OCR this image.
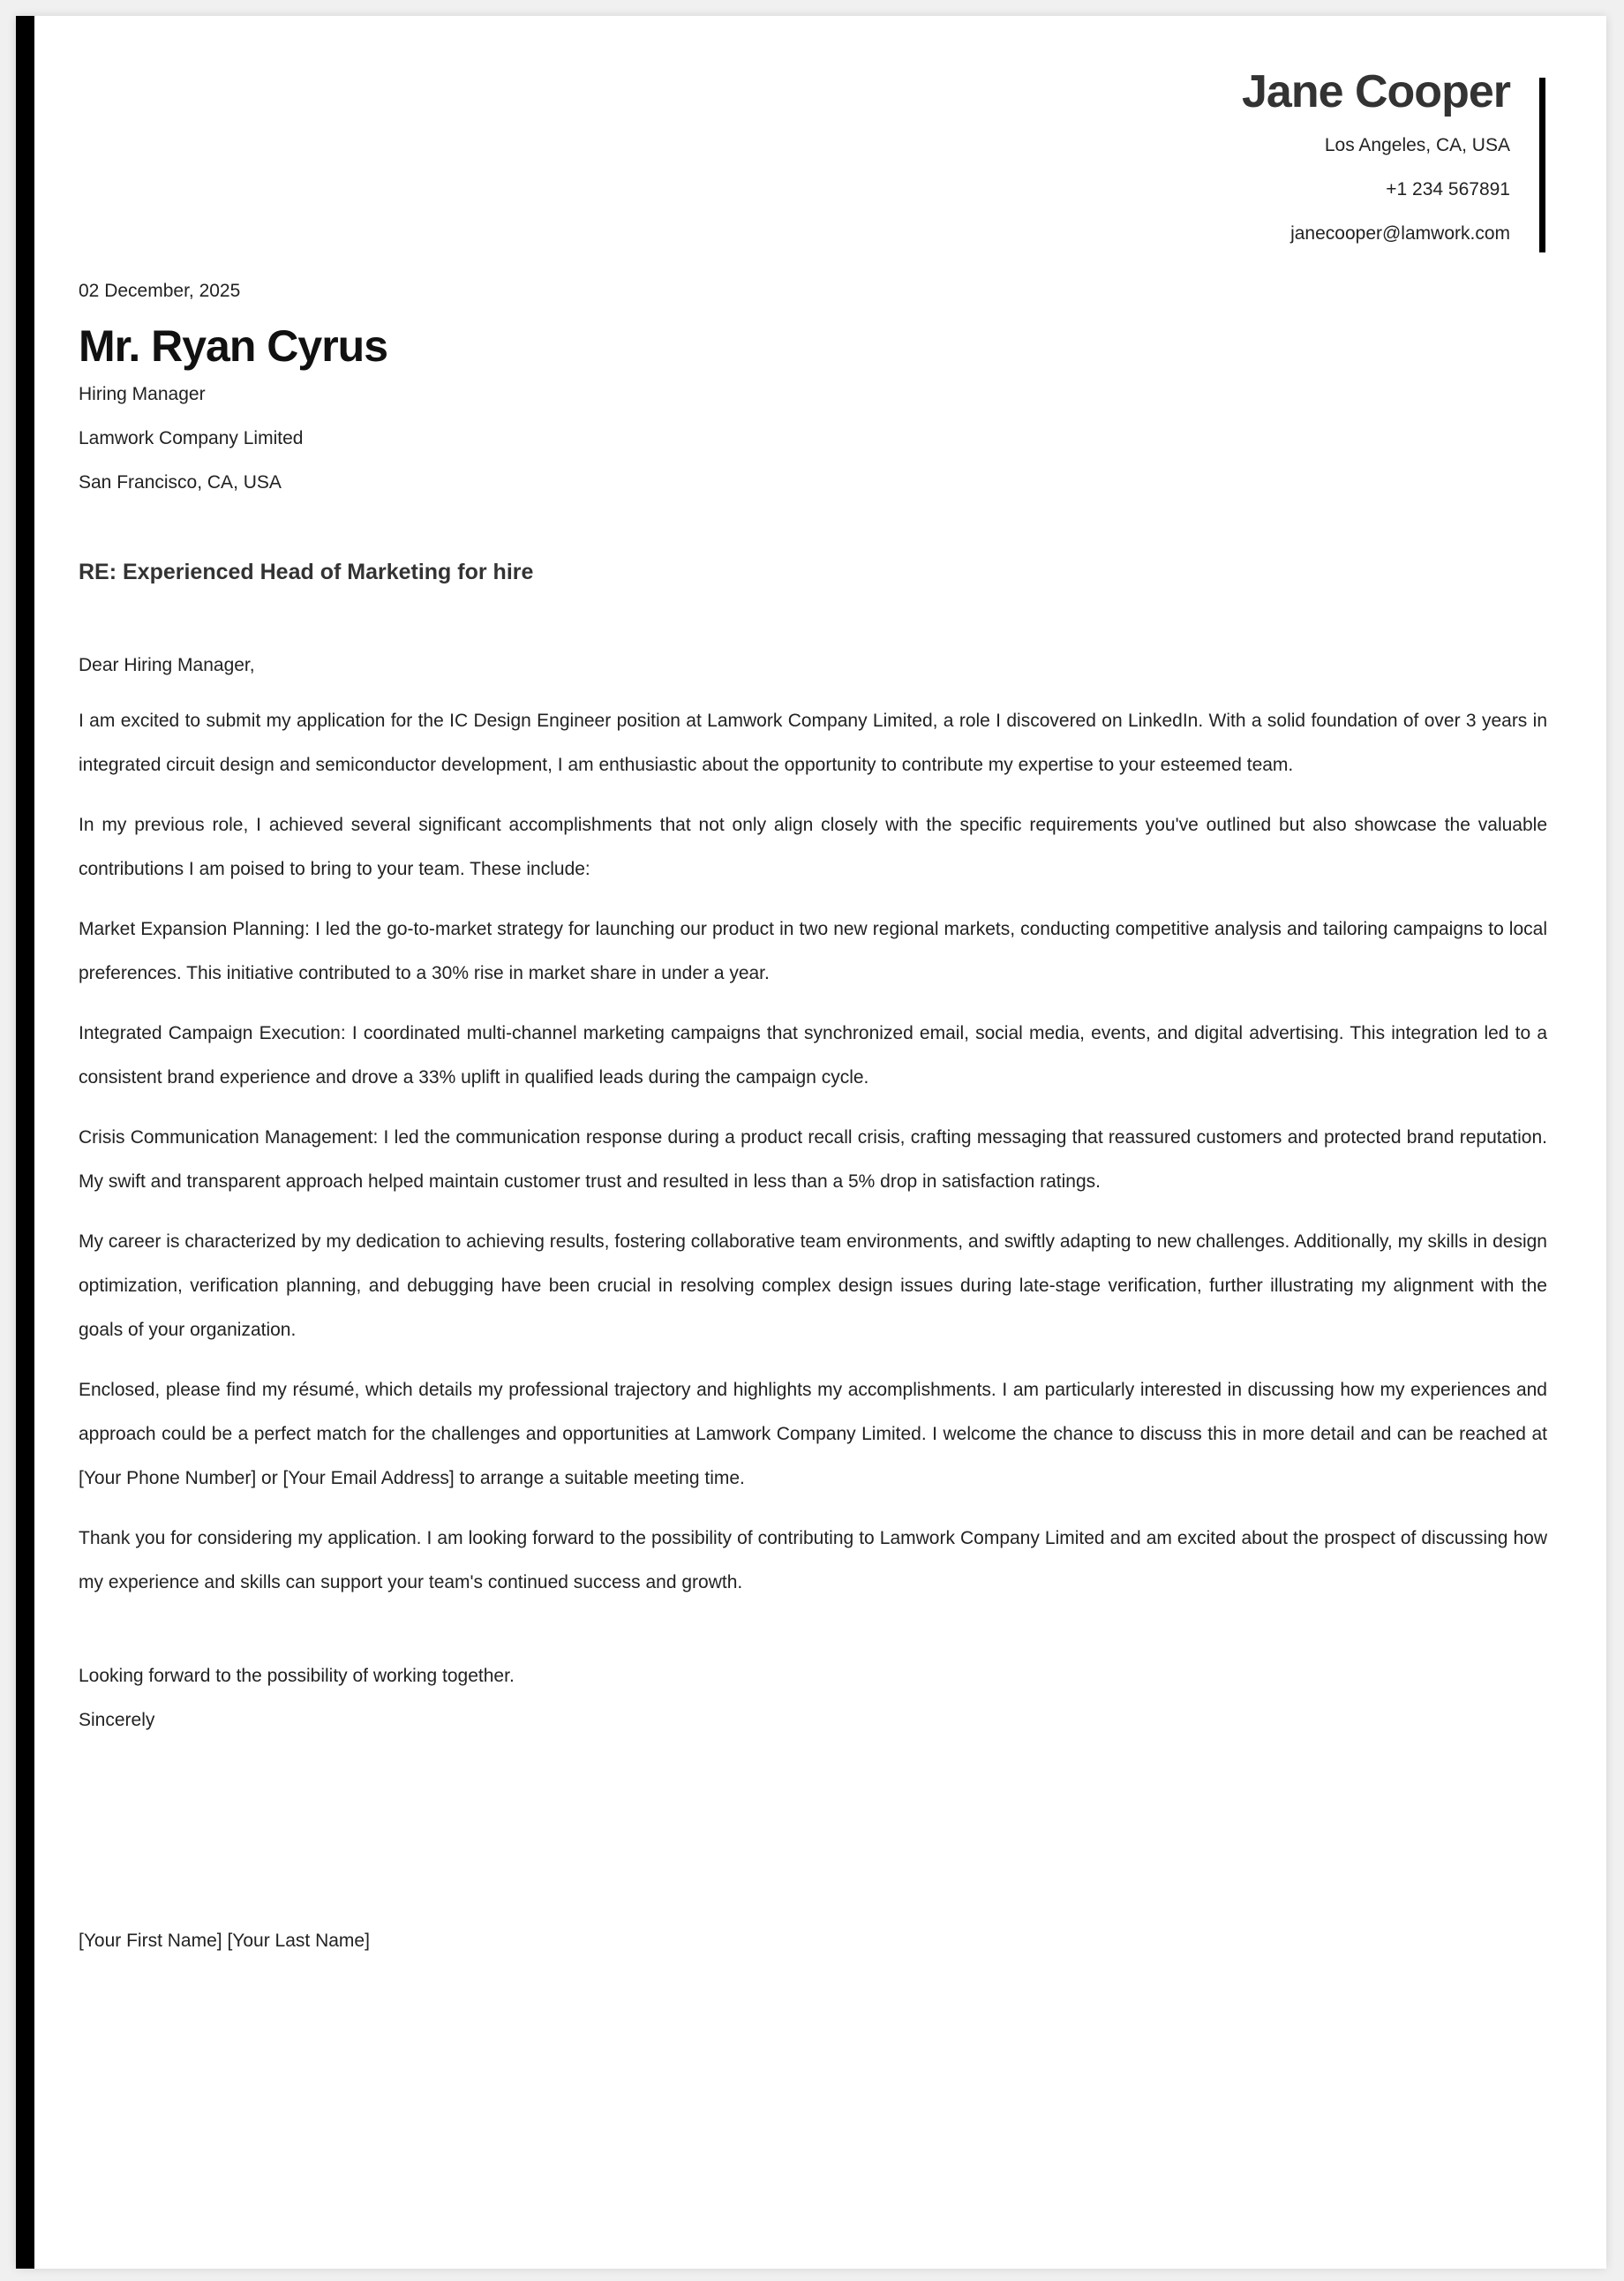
Jane Cooper
Los Angeles, CA, USA
+1 234 567891
janecooper@lamwork.com
02 December, 2025
Mr. Ryan Cyrus
Hiring Manager
Lamwork Company Limited
San Francisco, CA, USA
RE: Experienced Head of Marketing for hire
Dear Hiring Manager,

I am excited to submit my application for the IC Design Engineer position at Lamwork Company Limited, a role I discovered on LinkedIn. With a solid foundation of over 3 years in integrated circuit design and semiconductor development, I am enthusiastic about the opportunity to contribute my expertise to your esteemed team.

In my previous role, I achieved several significant accomplishments that not only align closely with the specific requirements you've outlined but also showcase the valuable contributions I am poised to bring to your team. These include:

Market Expansion Planning: I led the go-to-market strategy for launching our product in two new regional markets, conducting competitive analysis and tailoring campaigns to local preferences. This initiative contributed to a 30% rise in market share in under a year.

Integrated Campaign Execution: I coordinated multi-channel marketing campaigns that synchronized email, social media, events, and digital advertising. This integration led to a consistent brand experience and drove a 33% uplift in qualified leads during the campaign cycle.

Crisis Communication Management: I led the communication response during a product recall crisis, crafting messaging that reassured customers and protected brand reputation. My swift and transparent approach helped maintain customer trust and resulted in less than a 5% drop in satisfaction ratings.

My career is characterized by my dedication to achieving results, fostering collaborative team environments, and swiftly adapting to new challenges. Additionally, my skills in design optimization, verification planning, and debugging have been crucial in resolving complex design issues during late-stage verification, further illustrating my alignment with the goals of your organization.

Enclosed, please find my résumé, which details my professional trajectory and highlights my accomplishments. I am particularly interested in discussing how my experiences and approach could be a perfect match for the challenges and opportunities at Lamwork Company Limited. I welcome the chance to discuss this in more detail and can be reached at [Your Phone Number] or [Your Email Address] to arrange a suitable meeting time.

Thank you for considering my application. I am looking forward to the possibility of contributing to Lamwork Company Limited and am excited about the prospect of discussing how my experience and skills can support your team's continued success and growth.

Looking forward to the possibility of working together.
Sincerely
[Your First Name] [Your Last Name]
